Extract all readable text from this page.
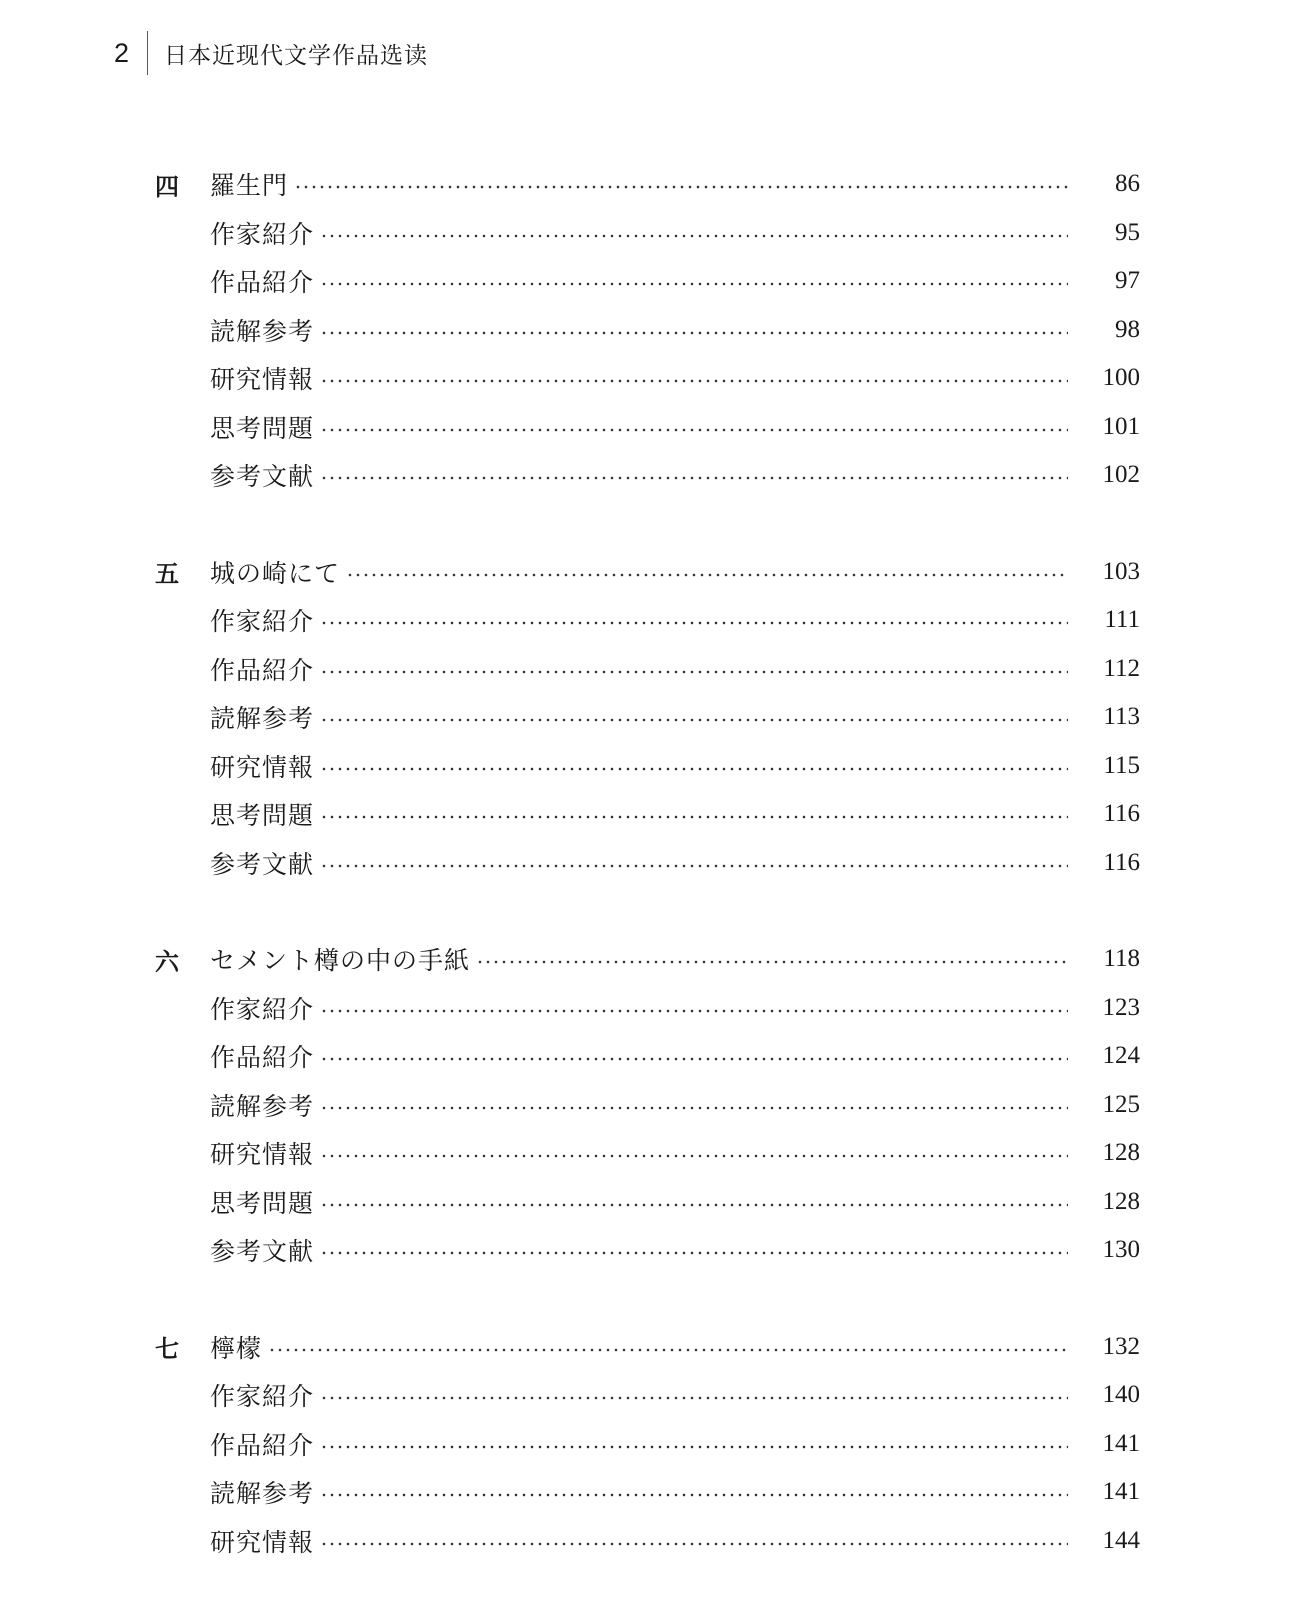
2 日本近现代文学作品选读
四	羅生門	86
作家紹介	95
作品紹介	97
読解参考	98
研究情報	100
思考問題	101
参考文献	102
五	城の崎にて	103
作家紹介	111
作品紹介	112
読解参考	113
研究情報	115
思考問題	116
参考文献	116
六	セメント樽の中の手紙	118
作家紹介	123
作品紹介	124
読解参考	125
研究情報	128
思考問題	128
参考文献	130
七	檸檬	132
作家紹介	140
作品紹介	141
読解参考	141
研究情報	144
